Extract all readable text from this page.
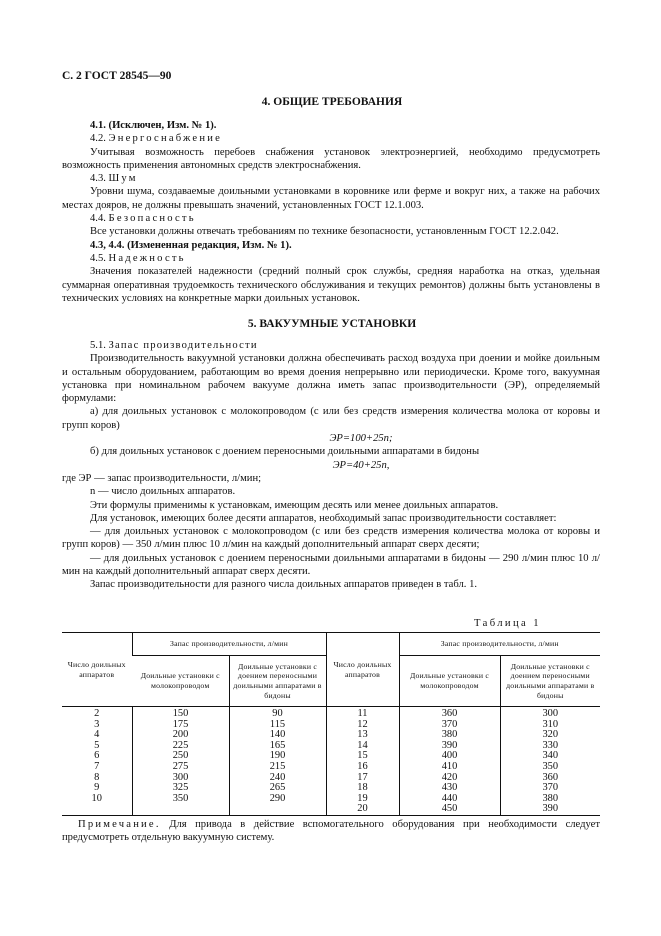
С. 2 ГОСТ 28545—90
4. ОБЩИЕ ТРЕБОВАНИЯ

4.1. (Исключен, Изм. № 1).

4.2. Энергоснабжение

Учитывая возможность перебоев снабжения установок электроэнергией, необходимо предусмотреть возможность применения автономных средств электроснабжения.

4.3. Шум

Уровни шума, создаваемые доильными установками в коровнике или ферме и вокруг них, а также на рабочих местах дояров, не должны превышать значений, установленных ГОСТ 12.1.003.

4.4. Безопасность

Все установки должны отвечать требованиям по технике безопасности, установленным ГОСТ 12.2.042.

4.3, 4.4. (Измененная редакция, Изм. № 1).

4.5. Надежность

Значения показателей надежности (средний полный срок службы, средняя наработка на отказ, удельная суммарная оперативная трудоемкость технического обслуживания и текущих ремонтов) должны быть установлены в технических условиях на конкретные марки доильных установок.

5. ВАКУУМНЫЕ УСТАНОВКИ

5.1. Запас производительности

Производительность вакуумной установки должна обеспечивать расход воздуха при доении и мойке доильным и остальным оборудованием, работающим во время доения непрерывно или периодически. Кроме того, вакуумная установка при номинальном рабочем вакууме должна иметь запас производительности (ЭР), определяемый формулами:

а) для доильных установок с молокопроводом (с или без средств измерения количества молока от коровы и групп коров)

ЭР=100+25n;

б) для доильных установок с доением переносными доильными аппаратами в бидоны

ЭР=40+25n,

где ЭР — запас производительности, л/мин;

n — число доильных аппаратов.

Эти формулы применимы к установкам, имеющим десять или менее доильных аппаратов.

Для установок, имеющих более десяти аппаратов, необходимый запас производительности составляет:

— для доильных установок с молокопроводом (с или без средств измерения количества молока от коровы и групп коров) — 350 л/мин плюс 10 л/мин на каждый дополнительный аппарат сверх десяти;

— для доильных установок с доением переносными доильными аппаратами в бидоны — 290 л/мин плюс 10 л/мин на каждый дополнительный аппарат сверх десяти.

Запас производительности для разного числа доильных аппаратов приведен в табл. 1.

Таблица 1
Число доильных аппаратов	Запас производительности, л/мин		Число доильных аппаратов	Запас производительности, л/мин	
	Доильные установки с молокопроводом	Доильные установки с доением переносными доильными аппаратами в бидоны		Доильные установки с молокопроводом	Доильные установки с доением переносными доильными аппаратами в бидоны
2	150	90	11	360	300
3	175	115	12	370	310
4	200	140	13	380	320
5	225	165	14	390	330
6	250	190	15	400	340
7	275	215	16	410	350
8	300	240	17	420	360
9	325	265	18	430	370
10	350	290	19	440	380
			20	450	390

Примечание. Для привода в действие вспомогательного оборудования при необходимости следует предусмотреть отдельную вакуумную систему.
